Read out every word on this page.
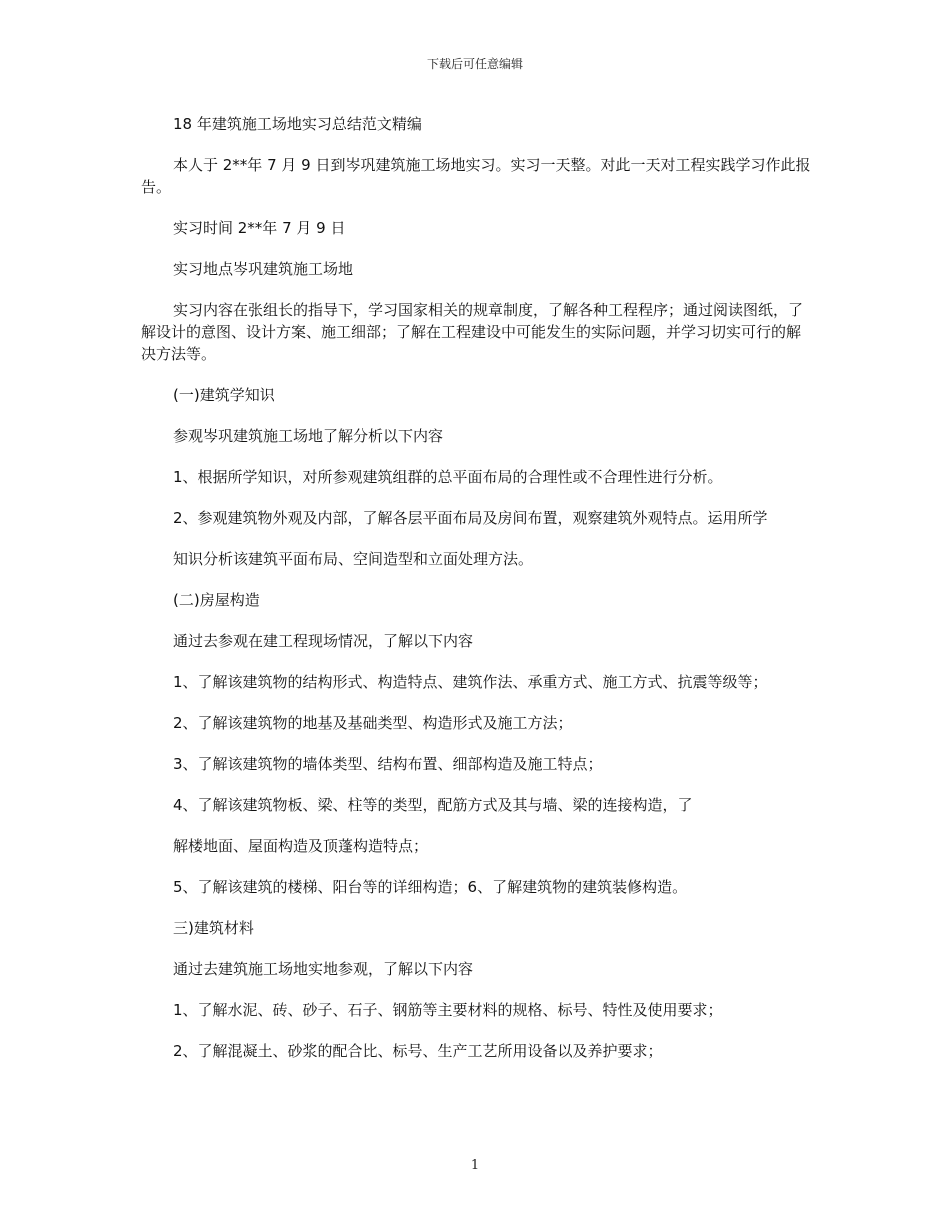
下载后可任意编辑

18 年建筑施工场地实习总结范文精编

本人于 2**年 7 月 9 日到岑巩建筑施工场地实习。实习一天整。对此一天对工程实践学习作此报告。

实习时间 2**年 7 月 9 日

实习地点岑巩建筑施工场地

实习内容在张组长的指导下，学习国家相关的规章制度，了解各种工程程序；通过阅读图纸，了解设计的意图、设计方案、施工细部；了解在工程建设中可能发生的实际问题，并学习切实可行的解决方法等。

(一)建筑学知识

参观岑巩建筑施工场地了解分析以下内容

1、根据所学知识，对所参观建筑组群的总平面布局的合理性或不合理性进行分析。

2、参观建筑物外观及内部，了解各层平面布局及房间布置，观察建筑外观特点。运用所学

知识分析该建筑平面布局、空间造型和立面处理方法。

(二)房屋构造

通过去参观在建工程现场情况，了解以下内容

1、了解该建筑物的结构形式、构造特点、建筑作法、承重方式、施工方式、抗震等级等；

2、了解该建筑物的地基及基础类型、构造形式及施工方法；

3、了解该建筑物的墙体类型、结构布置、细部构造及施工特点；

4、了解该建筑物板、梁、柱等的类型，配筋方式及其与墙、梁的连接构造，了

解楼地面、屋面构造及顶蓬构造特点；

5、了解该建筑的楼梯、阳台等的详细构造；6、了解建筑物的建筑装修构造。

三)建筑材料

通过去建筑施工场地实地参观，了解以下内容

1、了解水泥、砖、砂子、石子、钢筋等主要材料的规格、标号、特性及使用要求；

2、了解混凝土、砂浆的配合比、标号、生产工艺所用设备以及养护要求；

1
